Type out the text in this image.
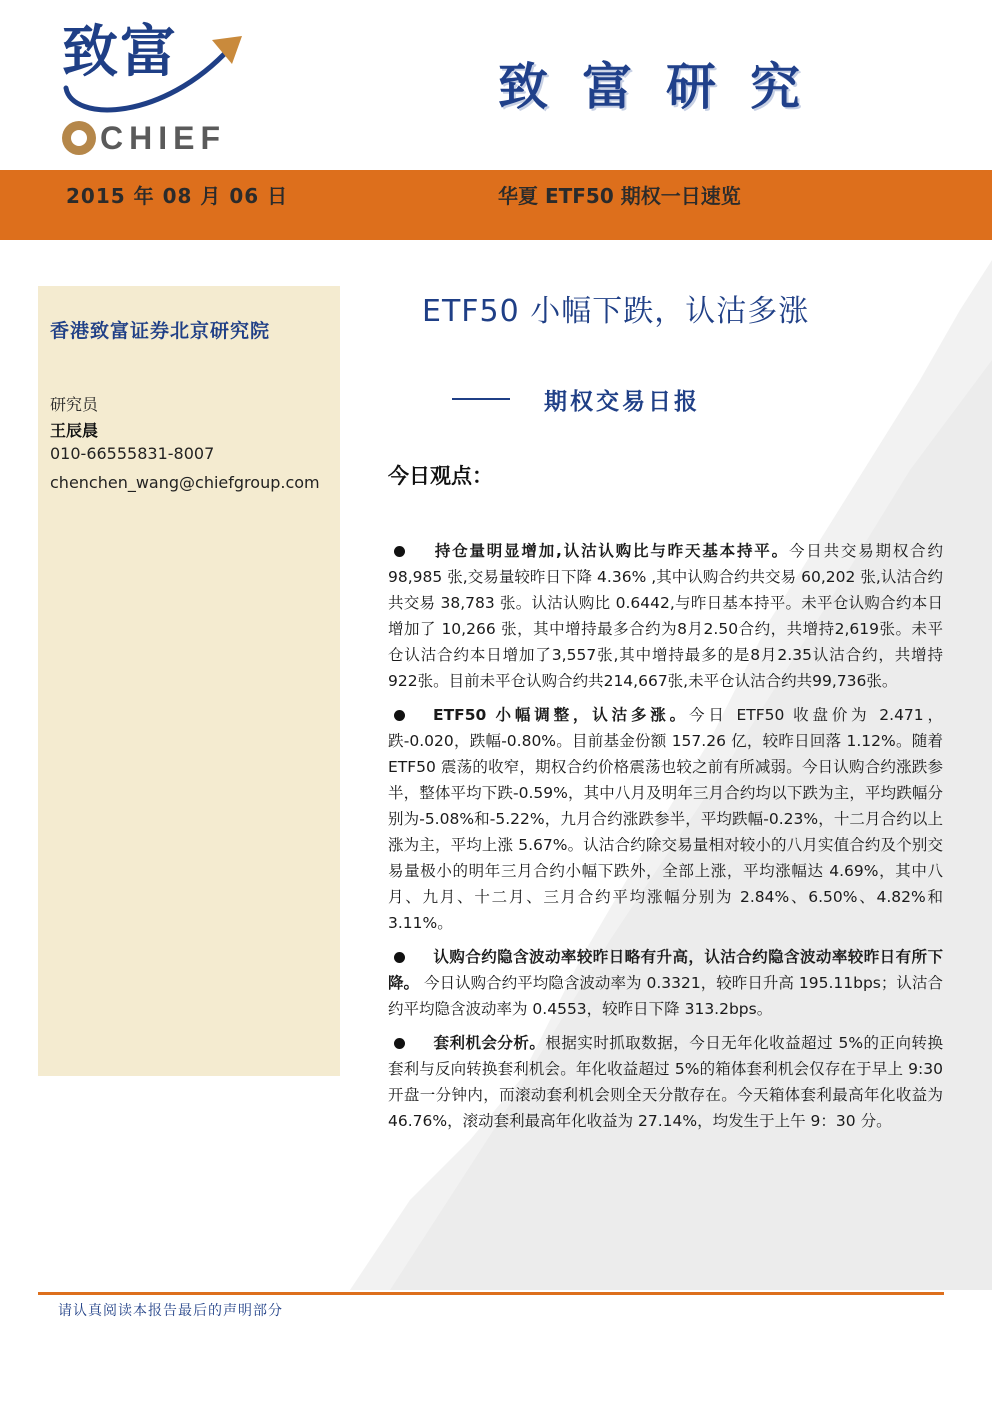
致富
CHIEF
致富研究
2015 年 08 月 06 日	华夏 ETF50 期权一日速览
香港致富证券北京研究院
研究员
王辰晨
010-66555831-8007
chenchen_wang@chiefgroup.com
ETF50 小幅下跌，认沽多涨
期权交易日报
今日观点：

持仓量明显增加,认沽认购比与昨天基本持平。今日共交易期权合约 98,985 张,交易量较昨日下降 4.36% ,其中认购合约共交易 60,202 张,认沽合约共交易 38,783 张。认沽认购比 0.6442,与昨日基本持平。未平仓认购合约本日增加了 10,266 张，其中增持最多合约为8月2.50合约，共增持2,619张。未平仓认沽合约本日增加了3,557张,其中增持最多的是8月2.35认沽合约，共增持922张。目前未平仓认购合约共214,667张,未平仓认沽合约共99,736张。

ETF50 小幅调整，认沽多涨。今日 ETF50 收盘价为 2.471，跌-0.020，跌幅-0.80%。目前基金份额 157.26 亿，较昨日回落 1.12%。随着 ETF50 震荡的收窄，期权合约价格震荡也较之前有所减弱。今日认购合约涨跌参半，整体平均下跌-0.59%，其中八月及明年三月合约均以下跌为主，平均跌幅分别为-5.08%和-5.22%，九月合约涨跌参半，平均跌幅-0.23%，十二月合约以上涨为主，平均上涨 5.67%。认沽合约除交易量相对较小的八月实值合约及个别交易量极小的明年三月合约小幅下跌外，全部上涨，平均涨幅达 4.69%，其中八月、九月、十二月、三月合约平均涨幅分别为 2.84%、6.50%、4.82%和 3.11%。

认购合约隐含波动率较昨日略有升高，认沽合约隐含波动率较昨日有所下降。 今日认购合约平均隐含波动率为 0.3321，较昨日升高 195.11bps；认沽合约平均隐含波动率为 0.4553，较昨日下降 313.2bps。

套利机会分析。根据实时抓取数据，今日无年化收益超过 5%的正向转换套利与反向转换套利机会。年化收益超过 5%的箱体套利机会仅存在于早上 9:30 开盘一分钟内，而滚动套利机会则全天分散存在。今天箱体套利最高年化收益为 46.76%，滚动套利最高年化收益为 27.14%，均发生于上午 9：30 分。

请认真阅读本报告最后的声明部分
